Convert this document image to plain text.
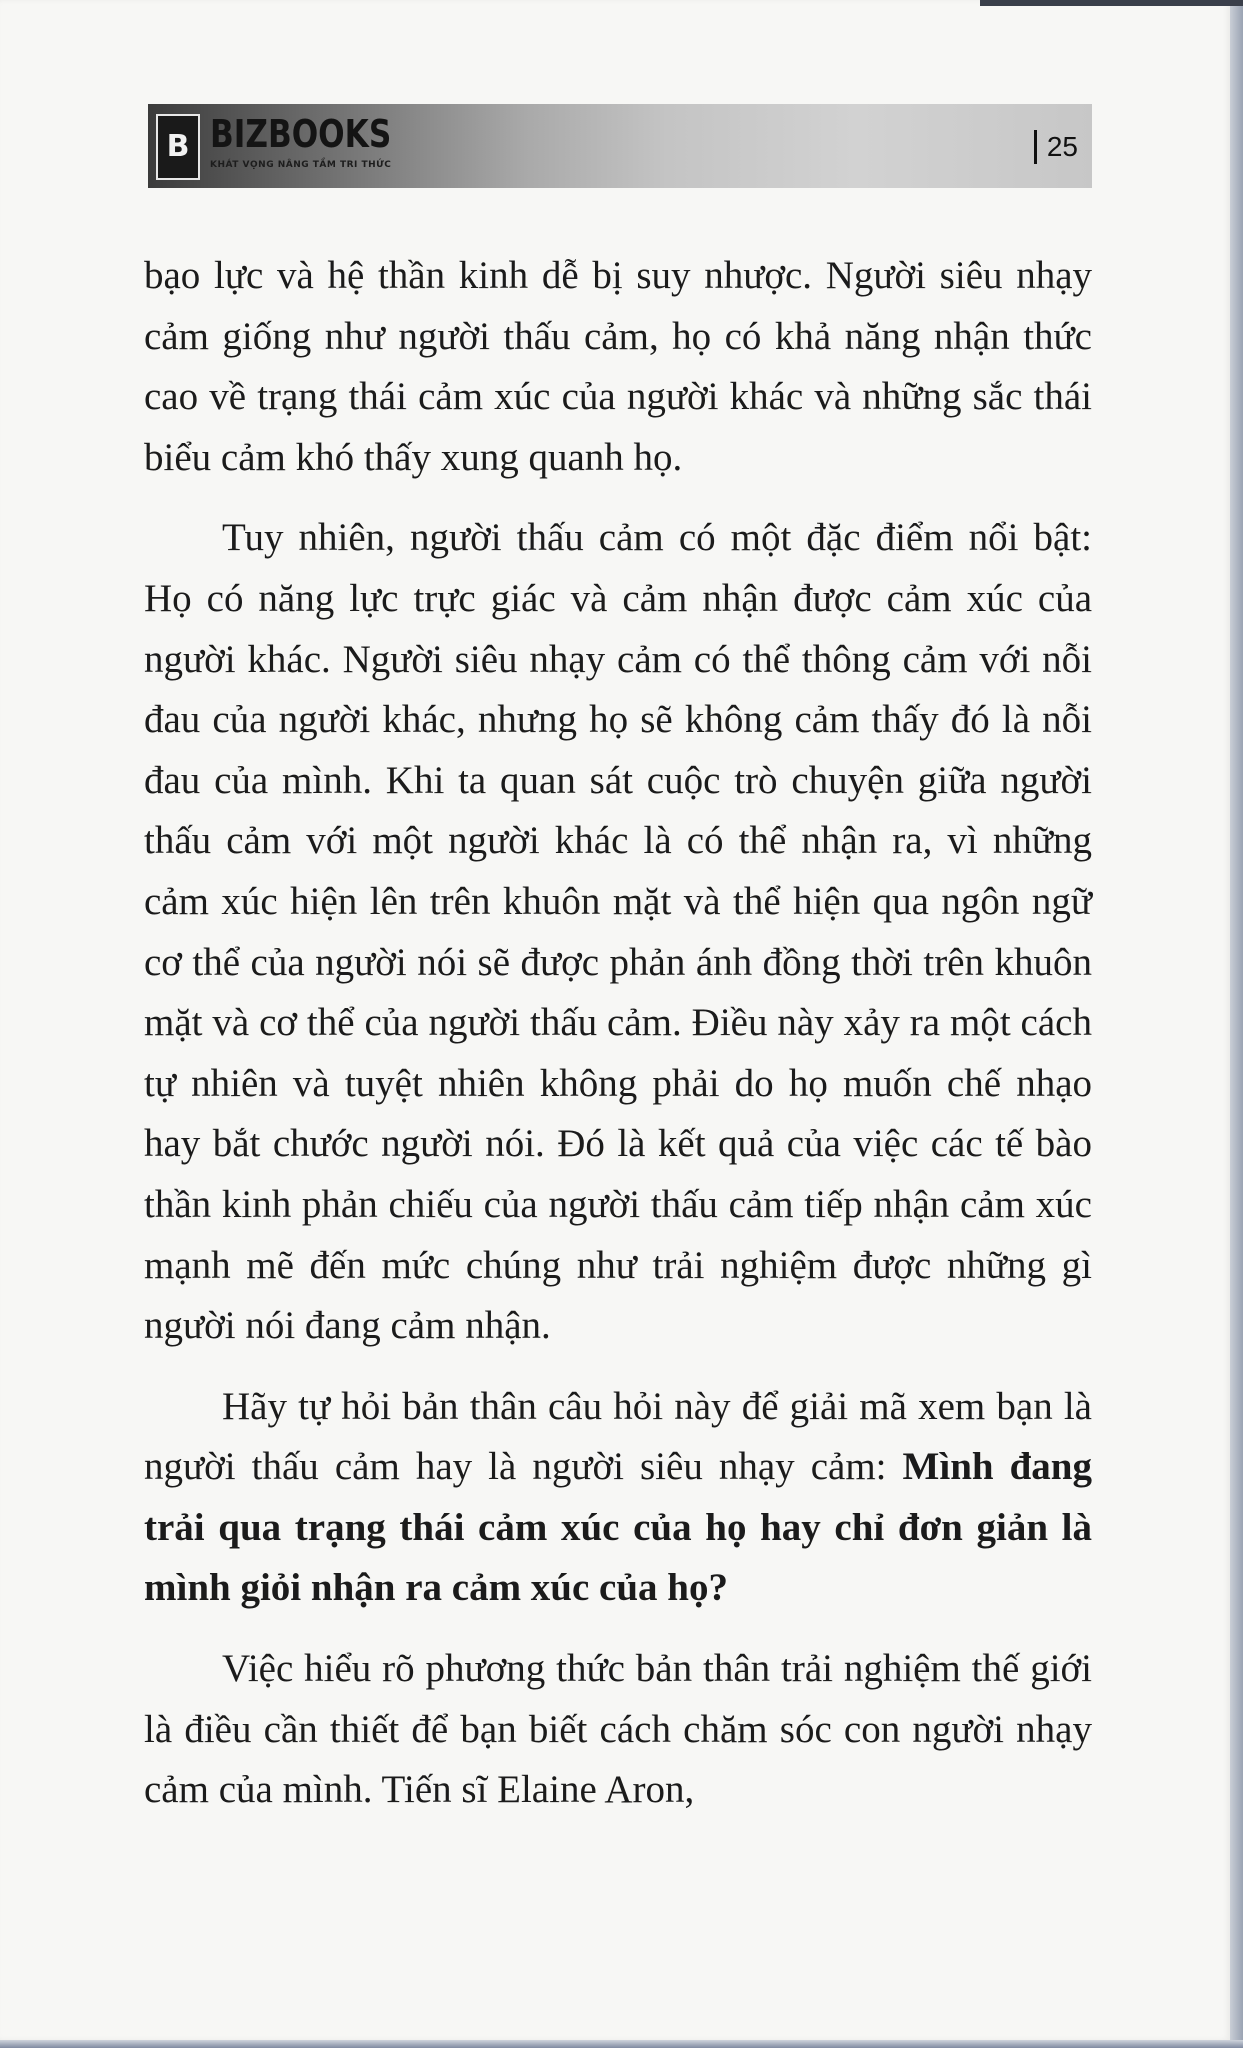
B BIZBOOKS
KHÁT VỌNG NÂNG TẦM TRI THỨC
25

bạo lực và hệ thần kinh dễ bị suy nhược. Người siêu nhạy cảm giống như người thấu cảm, họ có khả năng nhận thức cao về trạng thái cảm xúc của người khác và những sắc thái biểu cảm khó thấy xung quanh họ.

Tuy nhiên, người thấu cảm có một đặc điểm nổi bật: Họ có năng lực trực giác và cảm nhận được cảm xúc của người khác. Người siêu nhạy cảm có thể thông cảm với nỗi đau của người khác, nhưng họ sẽ không cảm thấy đó là nỗi đau của mình. Khi ta quan sát cuộc trò chuyện giữa người thấu cảm với một người khác là có thể nhận ra, vì những cảm xúc hiện lên trên khuôn mặt và thể hiện qua ngôn ngữ cơ thể của người nói sẽ được phản ánh đồng thời trên khuôn mặt và cơ thể của người thấu cảm. Điều này xảy ra một cách tự nhiên và tuyệt nhiên không phải do họ muốn chế nhạo hay bắt chước người nói. Đó là kết quả của việc các tế bào thần kinh phản chiếu của người thấu cảm tiếp nhận cảm xúc mạnh mẽ đến mức chúng như trải nghiệm được những gì người nói đang cảm nhận.

Hãy tự hỏi bản thân câu hỏi này để giải mã xem bạn là người thấu cảm hay là người siêu nhạy cảm: Mình đang trải qua trạng thái cảm xúc của họ hay chỉ đơn giản là mình giỏi nhận ra cảm xúc của họ?

Việc hiểu rõ phương thức bản thân trải nghiệm thế giới là điều cần thiết để bạn biết cách chăm sóc con người nhạy cảm của mình. Tiến sĩ Elaine Aron,
